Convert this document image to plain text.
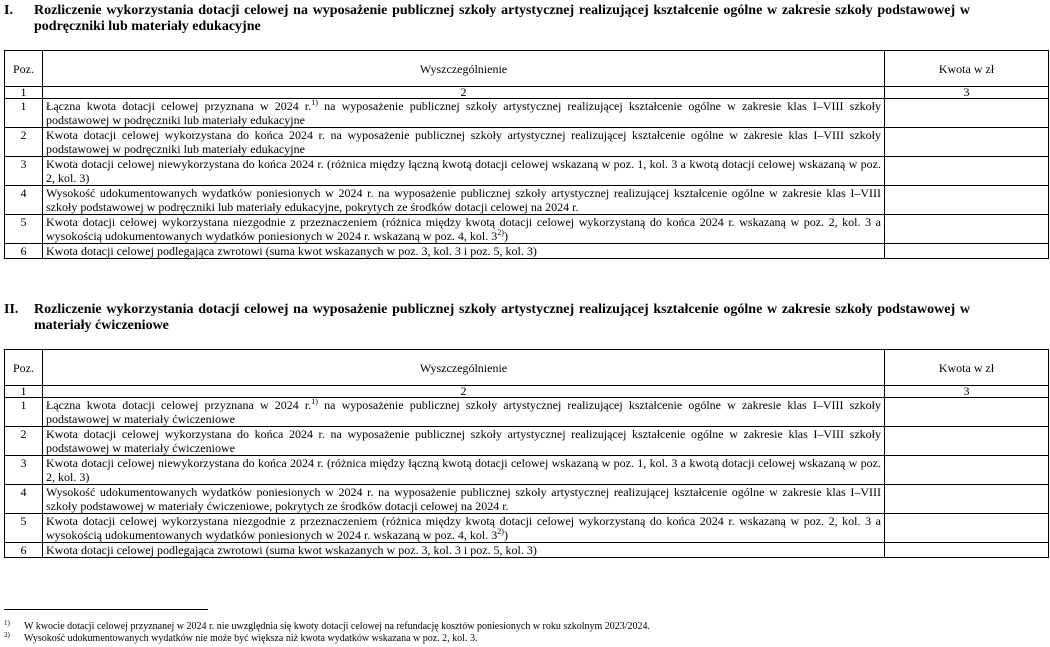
I. Rozliczenie wykorzystania dotacji celowej na wyposażenie publicznej szkoły artystycznej realizującej kształcenie ogólne w zakresie szkoły podstawowej w podręczniki lub materiały edukacyjne
Poz.	Wyszczególnienie	Kwota w zł
1	2	3
1	Łączna kwota dotacji celowej przyznana w 2024 r.$^{1)}$ na wyposażenie publicznej szkoły artystycznej realizującej kształcenie ogólne w zakresie klas I–VIII szkoły podstawowej w podręczniki lub materiały edukacyjne	
2	Kwota dotacji celowej wykorzystana do końca 2024 r. na wyposażenie publicznej szkoły artystycznej realizującej kształcenie ogólne w zakresie klas I–VIII szkoły podstawowej w podręczniki lub materiały edukacyjne	
3	Kwota dotacji celowej niewykorzystana do końca 2024 r. (różnica między łączną kwotą dotacji celowej wskazaną w poz. 1, kol. 3 a kwotą dotacji celowej wskazaną w poz. 2, kol. 3)	
4	Wysokość udokumentowanych wydatków poniesionych w 2024 r. na wyposażenie publicznej szkoły artystycznej realizującej kształcenie ogólne w zakresie klas I–VIII szkoły podstawowej w podręczniki lub materiały edukacyjne, pokrytych ze środków dotacji celowej na 2024 r.	
5	Kwota dotacji celowej wykorzystana niezgodnie z przeznaczeniem (różnica między kwotą dotacji celowej wykorzystaną do końca 2024 r. wskazaną w poz. 2, kol. 3 a wysokością udokumentowanych wydatków poniesionych w 2024 r. wskazaną w poz. 4, kol. 3$^{2)}$)	
6	Kwota dotacji celowej podlegająca zwrotowi (suma kwot wskazanych w poz. 3, kol. 3 i poz. 5, kol. 3)	
II. Rozliczenie wykorzystania dotacji celowej na wyposażenie publicznej szkoły artystycznej realizującej kształcenie ogólne w zakresie szkoły podstawowej w materiały ćwiczeniowe
Poz.	Wyszczególnienie	Kwota w zł
1	2	3
1	Łączna kwota dotacji celowej przyznana w 2024 r.$^{1)}$ na wyposażenie publicznej szkoły artystycznej realizującej kształcenie ogólne w zakresie klas I–VIII szkoły podstawowej w materiały ćwiczeniowe	
2	Kwota dotacji celowej wykorzystana do końca 2024 r. na wyposażenie publicznej szkoły artystycznej realizującej kształcenie ogólne w zakresie klas I–VIII szkoły podstawowej w materiały ćwiczeniowe	
3	Kwota dotacji celowej niewykorzystana do końca 2024 r. (różnica między łączną kwotą dotacji celowej wskazaną w poz. 1, kol. 3 a kwotą dotacji celowej wskazaną w poz. 2, kol. 3)	
4	Wysokość udokumentowanych wydatków poniesionych w 2024 r. na wyposażenie publicznej szkoły artystycznej realizującej kształcenie ogólne w zakresie klas I–VIII szkoły podstawowej w materiały ćwiczeniowe, pokrytych ze środków dotacji celowej na 2024 r.	
5	Kwota dotacji celowej wykorzystana niezgodnie z przeznaczeniem (różnica między kwotą dotacji celowej wykorzystaną do końca 2024 r. wskazaną w poz. 2, kol. 3 a wysokością udokumentowanych wydatków poniesionych w 2024 r. wskazaną w poz. 4, kol. 3$^{2)}$)	
6	Kwota dotacji celowej podlegająca zwrotowi (suma kwot wskazanych w poz. 3, kol. 3 i poz. 5, kol. 3)	
1) W kwocie dotacji celowej przyznanej w 2024 r. nie uwzględnia się kwoty dotacji celowej na refundację kosztów poniesionych w roku szkolnym 2023/2024.
2) Wysokość udokumentowanych wydatków nie może być większa niż kwota wydatków wskazana w poz. 2, kol. 3.
